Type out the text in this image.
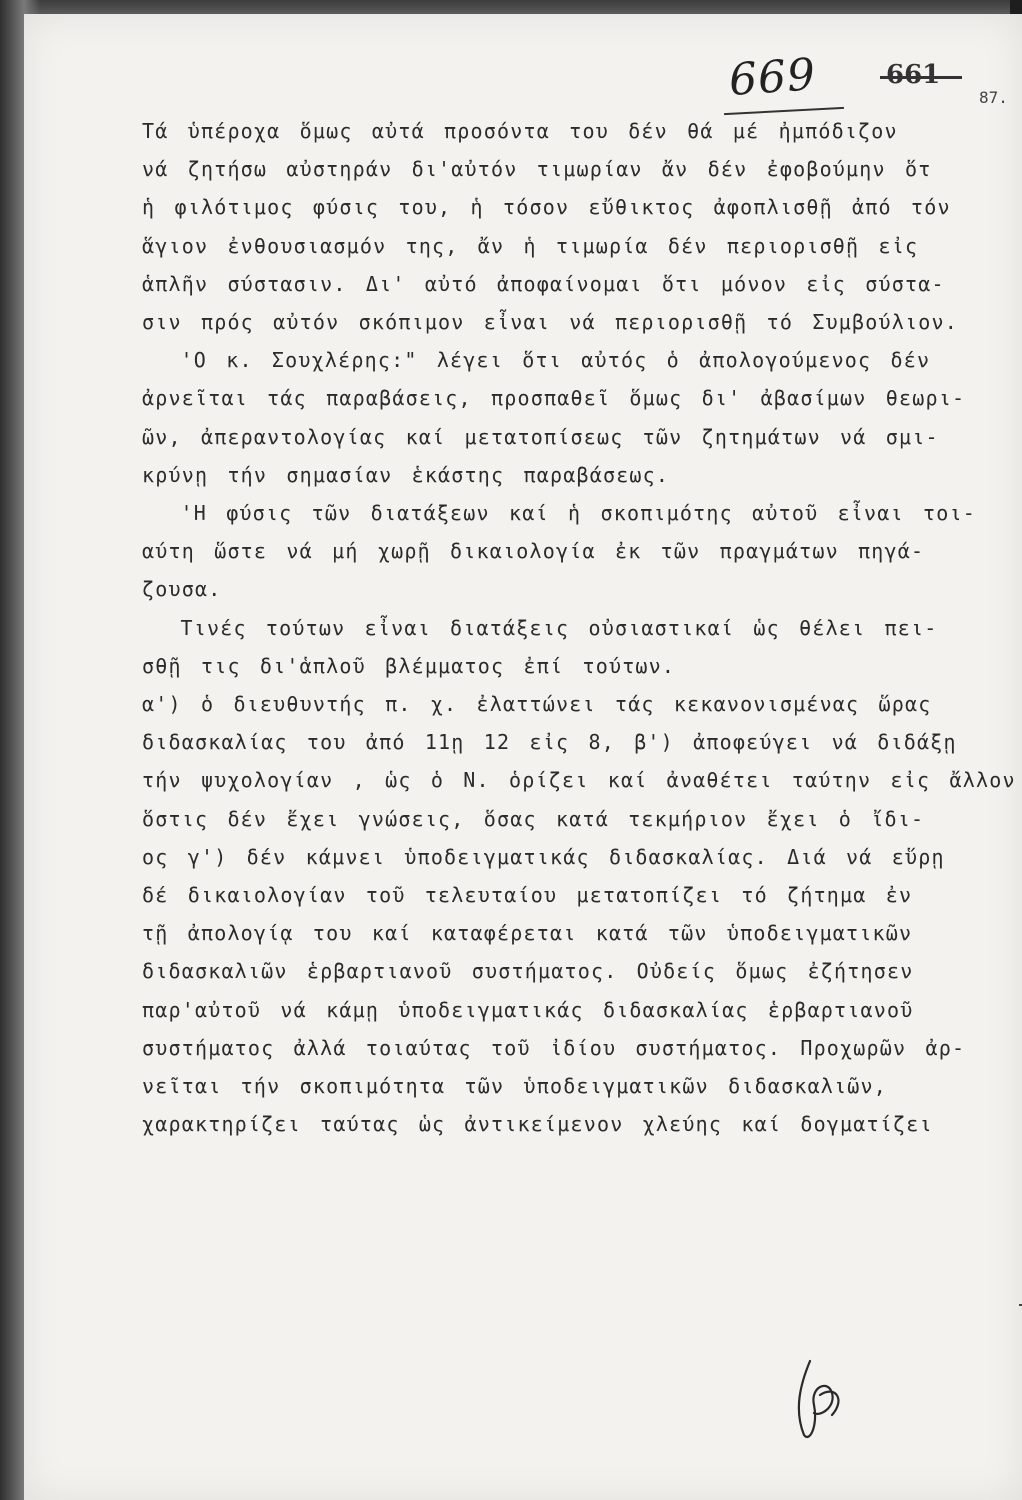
669	661
87.
Τά ὑπέροχα ὅμως αὐτά προσόντα του δέν θά μέ ἠμπόδιζον
νά ζητήσω αὐστηράν δι'αὐτόν τιμωρίαν ἄν δέν ἐφοβούμην ὅτ
ἡ φιλότιμος φύσις του, ἡ τόσον εὔθικτος ἀφοπλισθῇ ἀπό τόν
ἅγιον ἐνθουσιασμόν της, ἄν ἡ τιμωρία δέν περιορισθῇ εἰς
ἁπλῆν σύστασιν. Δι' αὐτό ἀποφαίνομαι ὅτι μόνον εἰς σύστα-
σιν πρός αὐτόν σκόπιμον εἶναι νά περιορισθῇ τό Συμβούλιον.
'Ο κ. Σουχλέρης:" λέγει ὅτι αὐτός ὁ ἀπολογούμενος δέν
ἀρνεῖται τάς παραβάσεις, προσπαθεῖ ὅμως δι' ἀβασίμων θεωρι-
ῶν, ἀπεραντολογίας καί μετατοπίσεως τῶν ζητημάτων νά σμι-
κρύνῃ τήν σημασίαν ἑκάστης παραβάσεως.
'Η φύσις τῶν διατάξεων καί ἡ σκοπιμότης αὐτοῦ εἶναι τοι-
αύτη ὥστε νά μή χωρῇ δικαιολογία ἐκ τῶν πραγμάτων πηγά-
ζουσα.
Τινές τούτων εἶναι διατάξεις οὐσιαστικαί ὡς θέλει πει-
σθῇ τις δι'ἁπλοῦ βλέμματος ἐπί τούτων.
α') ὁ διευθυντής π. χ. ἐλαττώνει τάς κεκανονισμένας ὥρας
διδασκαλίας του ἀπό 11ῃ 12 εἰς 8, β') ἀποφεύγει νά διδάξῃ
τήν ψυχολογίαν , ὡς ὁ Ν. ὁρίζει καί ἀναθέτει ταύτην εἰς ἄλλον
ὅστις δέν ἔχει γνώσεις, ὅσας κατά τεκμήριον ἔχει ὁ ἴδι-
ος γ') δέν κάμνει ὑποδειγματικάς διδασκαλίας. Διά νά εὕρῃ
δέ δικαιολογίαν τοῦ τελευταίου μετατοπίζει τό ζήτημα ἐν
τῇ ἀπολογίᾳ του καί καταφέρεται κατά τῶν ὑποδειγματικῶν
διδασκαλιῶν ἑρβαρτιανοῦ συστήματος. Οὐδείς ὅμως ἐζήτησεν
παρ'αὐτοῦ νά κάμῃ ὑποδειγματικάς διδασκαλίας ἑρβαρτιανοῦ
συστήματος ἀλλά τοιαύτας τοῦ ἰδίου συστήματος. Προχωρῶν ἀρ-
νεῖται τήν σκοπιμότητα τῶν ὑποδειγματικῶν διδασκαλιῶν,
χαρακτηρίζει ταύτας ὡς ἀντικείμενον χλεύης καί δογματίζει
